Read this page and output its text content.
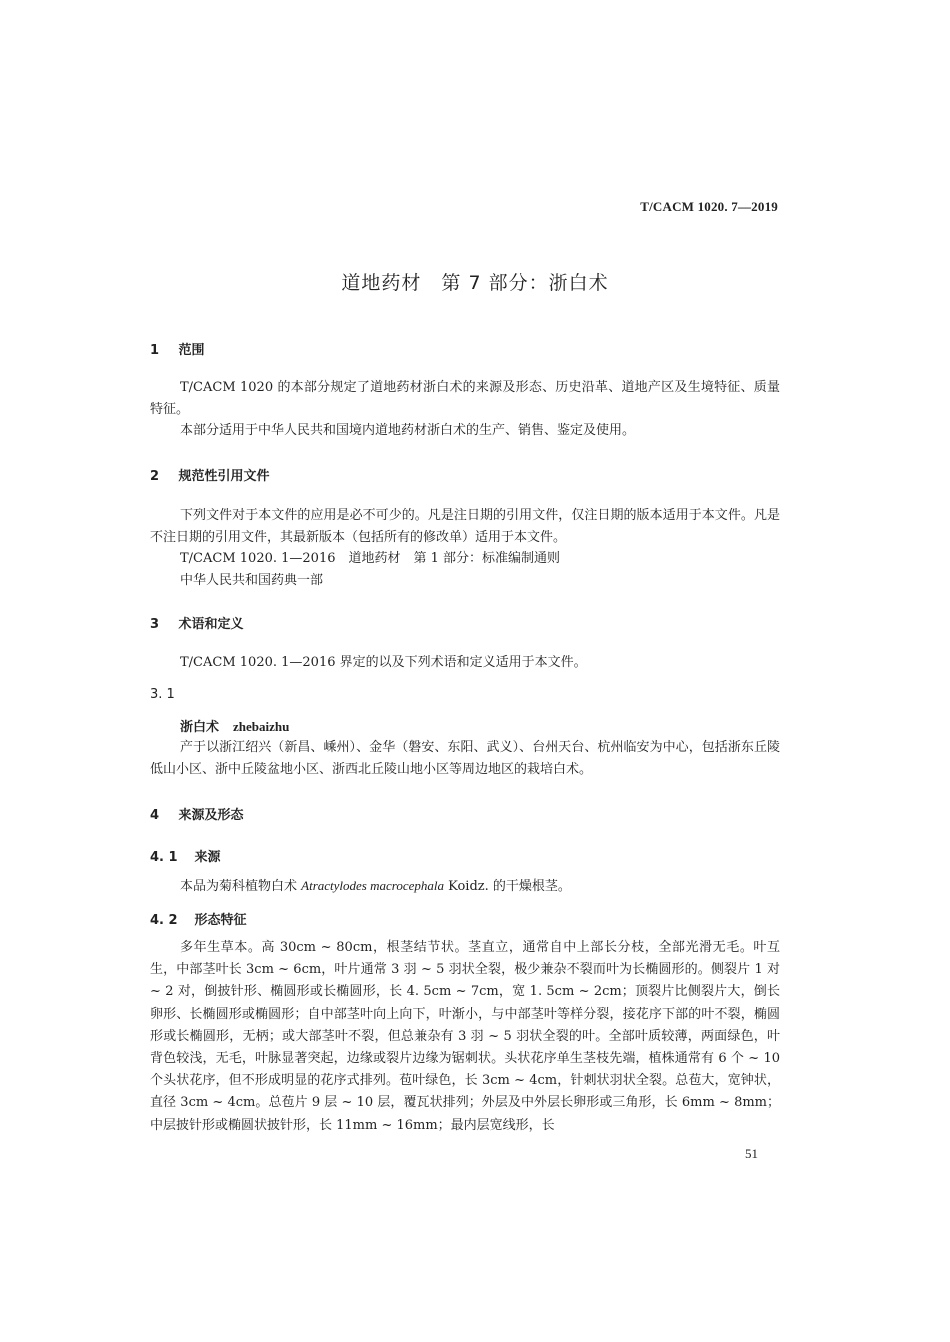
T/CACM 1020. 7—2019
道地药材　第 7 部分：浙白术
1 范围

T/CACM 1020 的本部分规定了道地药材浙白术的来源及形态、历史沿革、道地产区及生境特征、质量特征。

本部分适用于中华人民共和国境内道地药材浙白术的生产、销售、鉴定及使用。

2 规范性引用文件

下列文件对于本文件的应用是必不可少的。凡是注日期的引用文件，仅注日期的版本适用于本文件。凡是不注日期的引用文件，其最新版本（包括所有的修改单）适用于本文件。

T/CACM 1020. 1—2016　道地药材　第 1 部分：标准编制通则

中华人民共和国药典一部

3 术语和定义

T/CACM 1020. 1—2016 界定的以及下列术语和定义适用于本文件。

3. 1

浙白术 zhebaizhu

产于以浙江绍兴（新昌、嵊州）、金华（磐安、东阳、武义）、台州天台、杭州临安为中心，包括浙东丘陵低山小区、浙中丘陵盆地小区、浙西北丘陵山地小区等周边地区的栽培白术。

4 来源及形态
4. 1 来源

本品为菊科植物白术 Atractylodes macrocephala Koidz. 的干燥根茎。

4. 2 形态特征

多年生草本。高 30cm ~ 80cm，根茎结节状。茎直立，通常自中上部长分枝，全部光滑无毛。叶互生，中部茎叶长 3cm ~ 6cm，叶片通常 3 羽 ~ 5 羽状全裂，极少兼杂不裂而叶为长椭圆形的。侧裂片 1 对 ~ 2 对，倒披针形、椭圆形或长椭圆形，长 4. 5cm ~ 7cm，宽 1. 5cm ~ 2cm；顶裂片比侧裂片大，倒长卵形、长椭圆形或椭圆形；自中部茎叶向上向下，叶渐小，与中部茎叶等样分裂，接花序下部的叶不裂，椭圆形或长椭圆形，无柄；或大部茎叶不裂，但总兼杂有 3 羽 ~ 5 羽状全裂的叶。全部叶质较薄，两面绿色，叶背色较浅，无毛，叶脉显著突起，边缘或裂片边缘为锯刺状。头状花序单生茎枝先端，植株通常有 6 个 ~ 10 个头状花序，但不形成明显的花序式排列。苞叶绿色，长 3cm ~ 4cm，针刺状羽状全裂。总苞大，宽钟状，直径 3cm ~ 4cm。总苞片 9 层 ~ 10 层，覆瓦状排列；外层及中外层长卵形或三角形，长 6mm ~ 8mm；中层披针形或椭圆状披针形，长 11mm ~ 16mm；最内层宽线形，长

51
